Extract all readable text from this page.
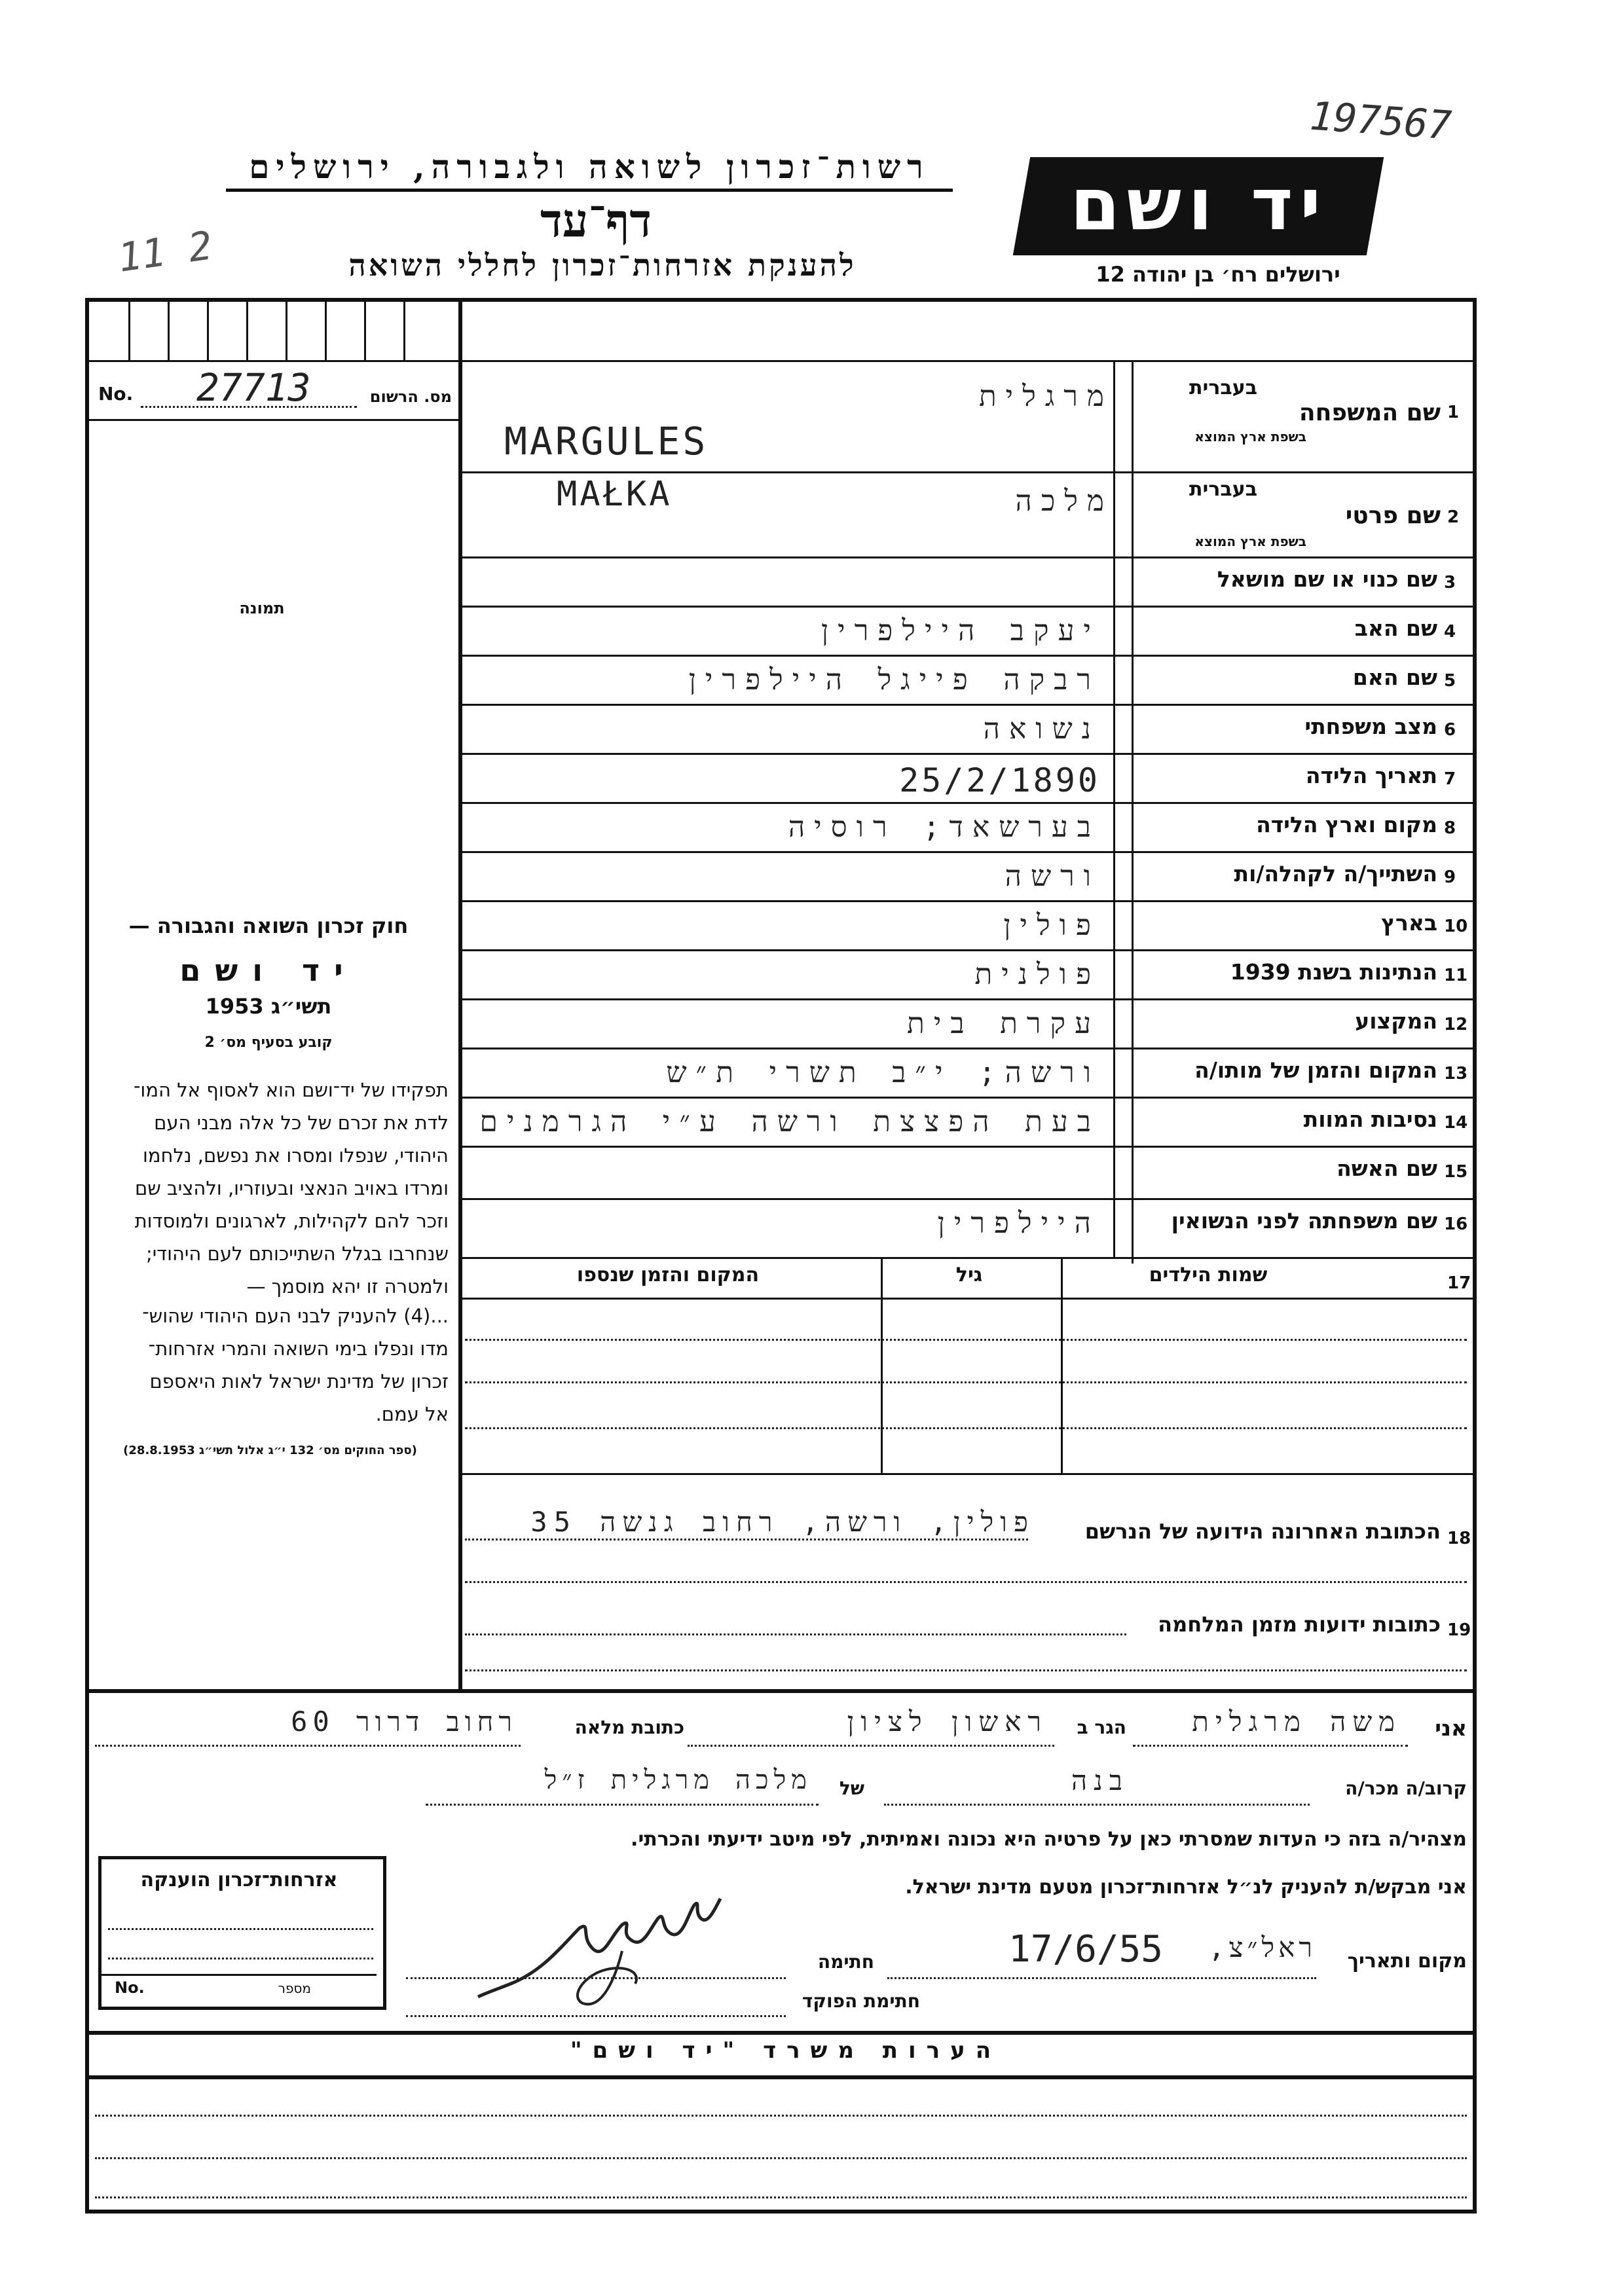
197567
רשות־זכרון לשואה ולגבורה, ירושלים
דף־עד
להענקת אזרחות־זכרון לחללי השואה
11 2
יד ושם
ירושלים רח׳ בן יהודה 12
No. 27713	מס. הרשום
תמונה
חוק זכרון השואה והגבורה —
יד ושם
תשי״ג 1953
קובע בסעיף מס׳ 2
תפקידו של יד־ושם הוא לאסוף אל המו־
לדת את זכרם של כל אלה מבני העם
היהודי, שנפלו ומסרו את נפשם, נלחמו
ומרדו באויב הנאצי ובעוזריו, ולהציב שם
וזכר להם לקהילות, לארגונים ולמוסדות
שנחרבו בגלל השתייכותם לעם היהודי;
ולמטרה זו יהא מוסמך —
...(4) להעניק לבני העם היהודי שהוש־
מדו ונפלו בימי השואה והמרי אזרחות־
זכרון של מדינת ישראל לאות היאספם
אל עמם.
(ספר החוקים מס׳ 132 י״ג אלול תשי״ג 28.8.1953)
1
שם המשפחה
בעברית
בשפת ארץ המוצא
מרגלית
MARGULES
2
שם פרטי
בעברית
בשפת ארץ המוצא
מלכה
MAŁKA
3
שם כנוי או שם מושאל
4
שם האב
יעקב היילפרין
5
שם האם
רבקה פייגל היילפרין
6
מצב משפחתי
נשואה
7
תאריך הלידה
25/2/1890
8
מקום וארץ הלידה
בערשאד; רוסיה
9
השתייך/ה לקהלה/ות
ורשה
10
בארץ
פולין
11
הנתינות בשנת 1939
פולנית
12
המקצוע
עקרת בית
13
המקום והזמן של מותו/ה
ורשה; י״ב תשרי ת״ש
14
נסיבות המוות
בעת הפצצת ורשה ע״י הגרמנים
15
שם האשה
16
שם משפחתה לפני הנשואין
היילפרין
17
שמות הילדים
גיל
המקום והזמן שנספו
18
הכתובת האחרונה הידועה של הנרשם
פולין, ורשה, רחוב גנשה 35
19
כתובות ידועות מזמן המלחמה
אני
משה מרגלית
הגר ב
ראשון לציון
כתובת מלאה
רחוב דרור 60
קרוב/ה מכר/ה
בנה
של
מלכה מרגלית ז״ל
מצהיר/ה בזה כי העדות שמסרתי כאן על פרטיה היא נכונה ואמיתית, לפי מיטב ידיעתי והכרתי.
אני מבקש/ת להעניק לנ״ל אזרחות־זכרון מטעם מדינת ישראל.
מקום ותאריך
ראל״צ,
17/6/55
חתימה
חתימת הפוקד
אזרחות־זכרון הוענקה
No.	מספר
הערות משרד "יד ושם"
